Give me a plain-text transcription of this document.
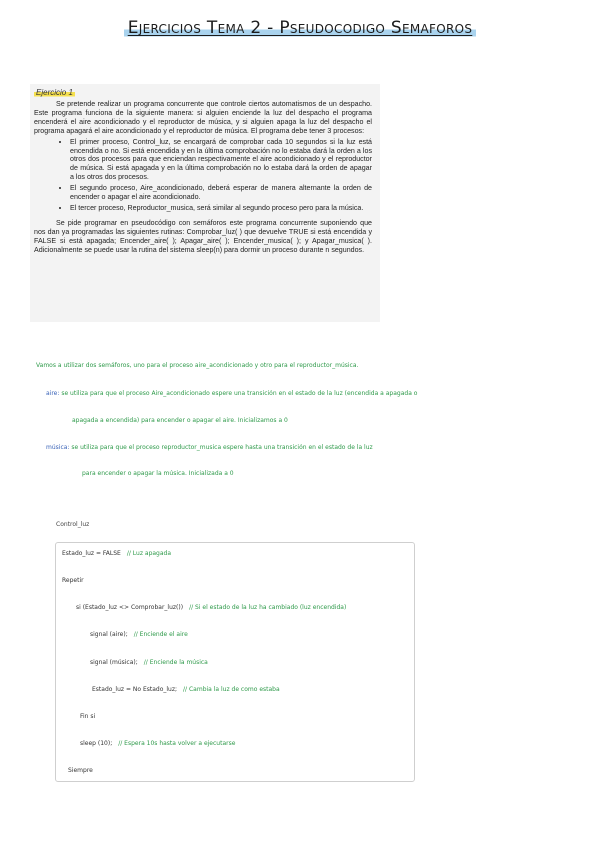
Ejercicios Tema 2 - Pseudocodigo Semaforos
Ejercicio 1

Se pretende realizar un programa concurrente que controle ciertos automatismos de un despacho. Este programa funciona de la siguiente manera: si alguien enciende la luz del despacho el programa encenderá el aire acondicionado y el reproductor de música, y si alguien apaga la luz del despacho el programa apagará el aire acondicionado y el reproductor de música. El programa debe tener 3 procesos:

• El primer proceso, Control_luz, se encargará de comprobar cada 10 segundos si la luz está encendida o no. Si está encendida y en la última comprobación no lo estaba dará la orden a los otros dos procesos para que enciendan respectivamente el aire acondicionado y el reproductor de música. Si está apagada y en la última comprobación no lo estaba dará la orden de apagar a los otros dos procesos.
• El segundo proceso, Aire_acondicionado, deberá esperar de manera alternante la orden de encender o apagar el aire acondicionado.
• El tercer proceso, Reproductor_musica, será similar al segundo proceso pero para la música.

Se pide programar en pseudocódigo con semáforos este programa concurrente suponiendo que nos dan ya programadas las siguientes rutinas: Comprobar_luz( ) que devuelve TRUE si está encendida y FALSE si está apagada; Encender_aire( ); Apagar_aire( ); Encender_musica( ); y Apagar_musica( ). Adicionalmente se puede usar la rutina del sistema sleep(n) para dormir un proceso durante n segundos.

Vamos a utilizar dos semáforos, uno para el proceso aire_acondicionado y otro para el reproductor_música.
aire: se utiliza para que el proceso Aire_acondicionado espere una transición en el estado de la luz (encendida a apagada o
apagada a encendida) para encender o apagar el aire. Inicializamos a 0
música: se utiliza para que el proceso reproductor_musica espere hasta una transición en el estado de la luz
para encender o apagar la música. Inicializada a 0
Control_luz
Estado_luz = FALSE // Luz apagada
Repetir
si (Estado_luz <> Comprobar_luz()) // Si el estado de la luz ha cambiado (luz encendida)
signal (aire); // Enciende el aire
signal (música); // Enciende la música
Estado_luz = No Estado_luz; // Cambia la luz de como estaba
Fin si
sleep (10); // Espera 10s hasta volver a ejecutarse
Siempre
